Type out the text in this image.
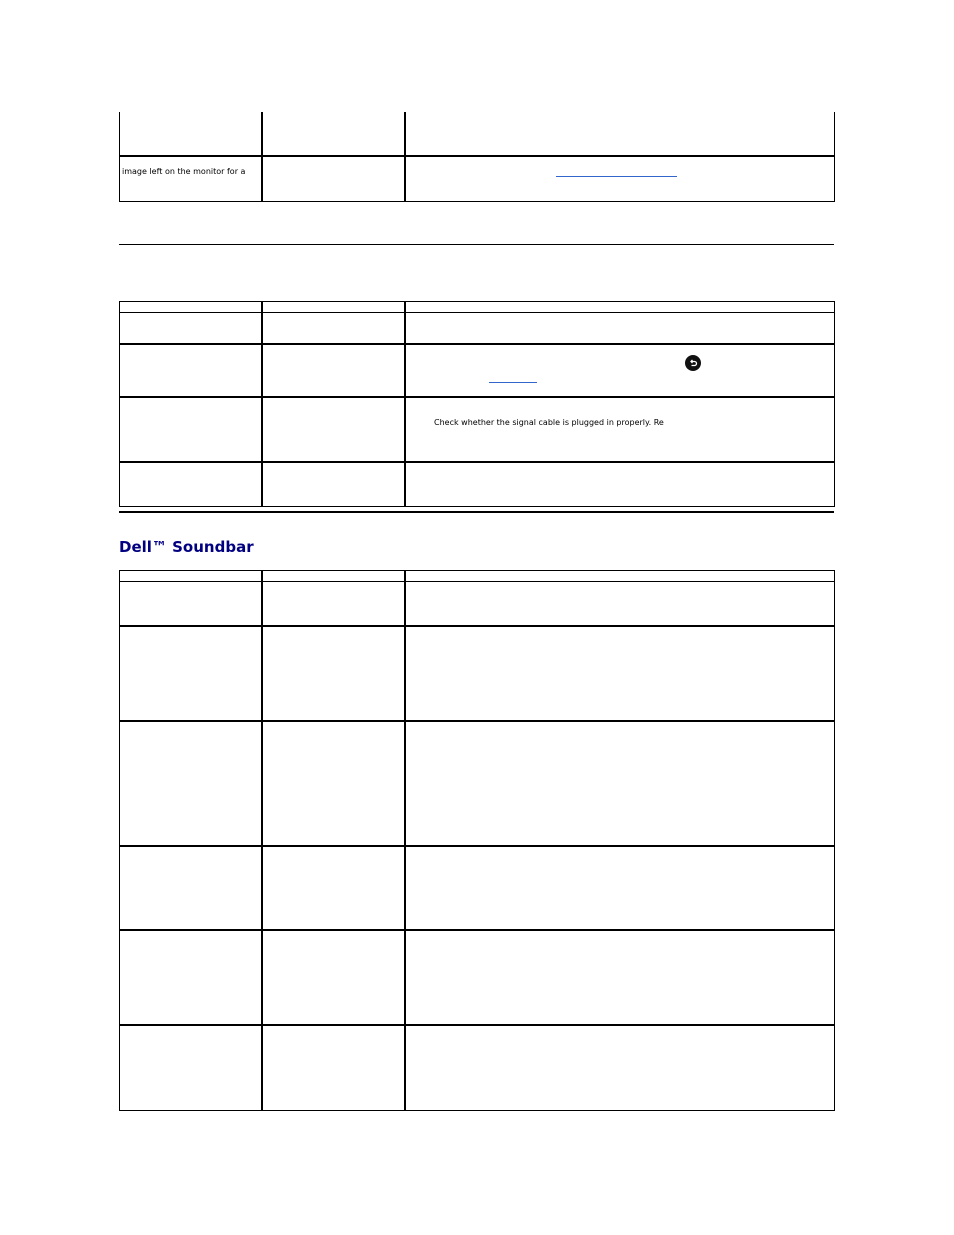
image left on the monitor for a
Check whether the signal cable is plugged in properly. Re
Dell™ Soundbar
